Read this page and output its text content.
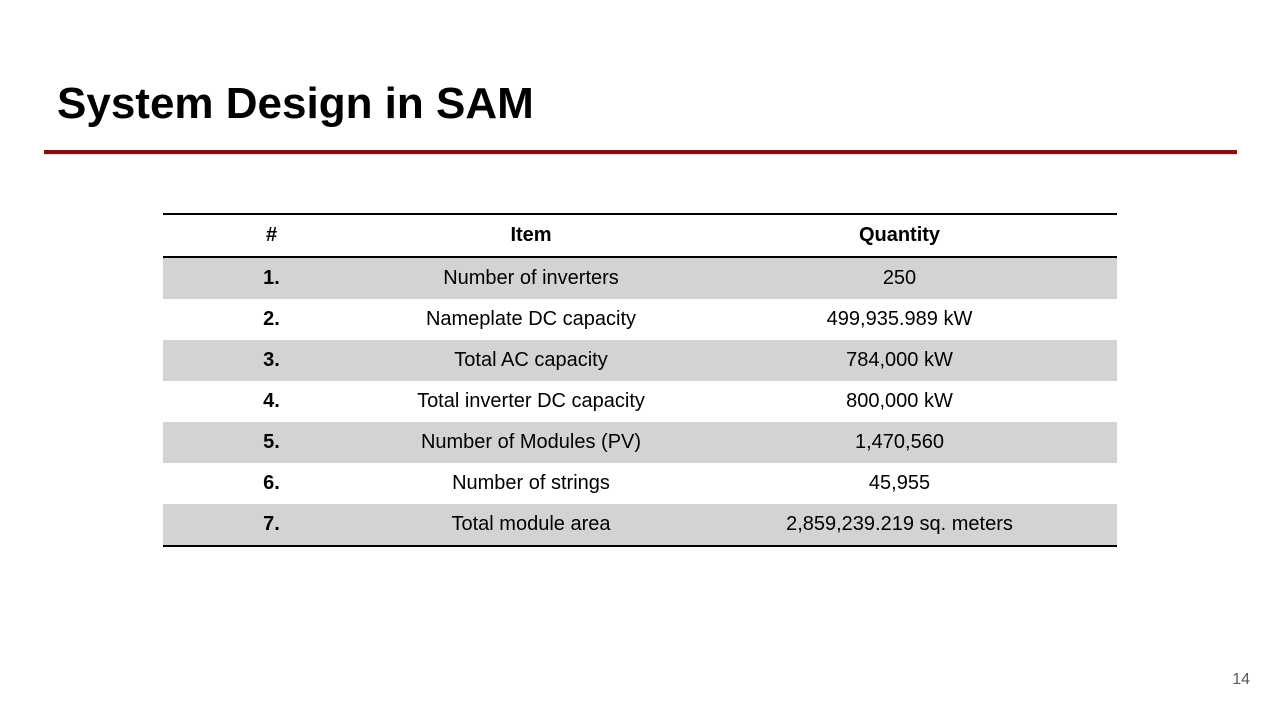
System Design in SAM
#	Item	Quantity
1.	Number of inverters	250
2.	Nameplate DC capacity	499,935.989 kW
3.	Total AC capacity	784,000 kW
4.	Total inverter DC capacity	800,000 kW
5.	Number of Modules (PV)	1,470,560
6.	Number of strings	45,955
7.	Total module area	2,859,239.219 sq. meters
14
